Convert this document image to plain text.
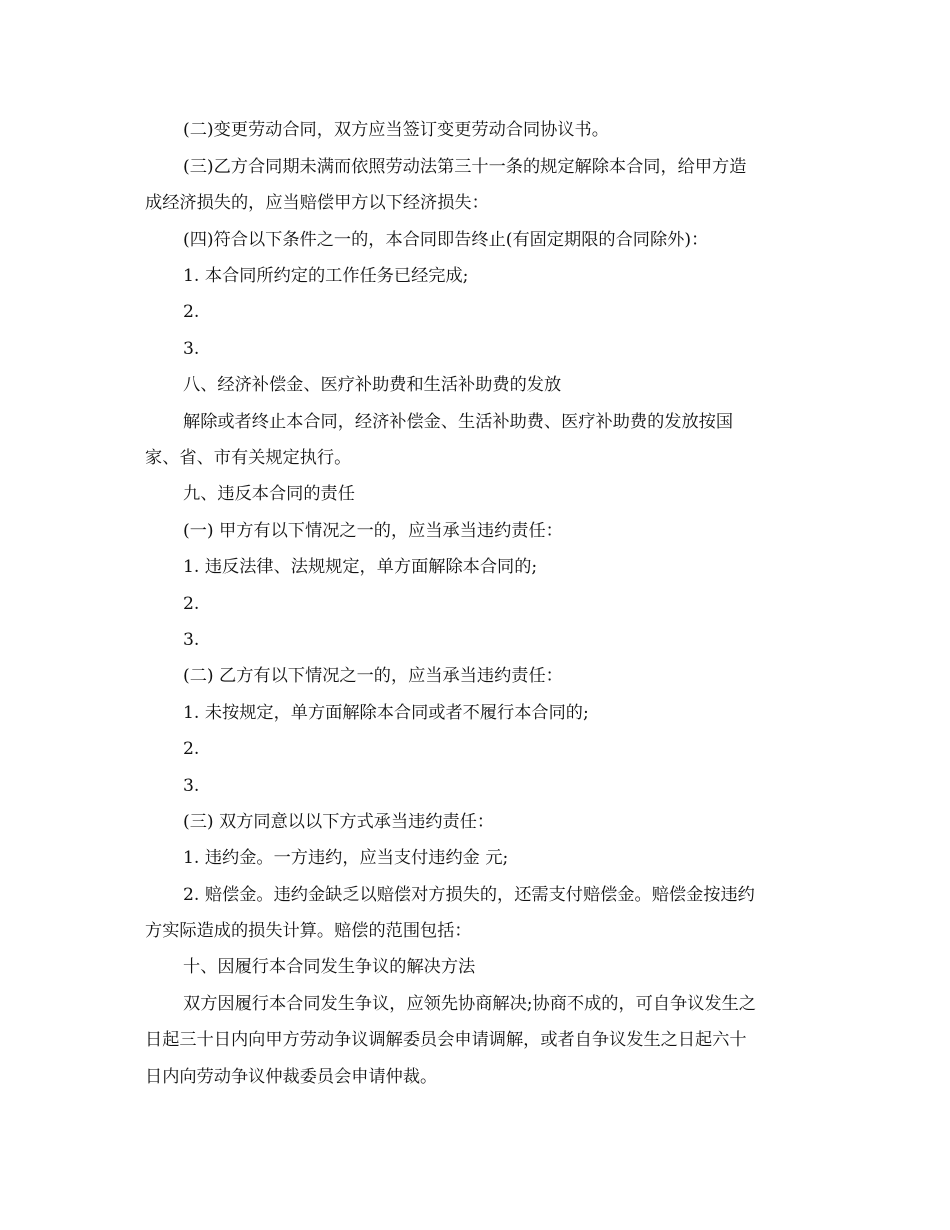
(二)变更劳动合同，双方应当签订变更劳动合同协议书。
(三)乙方合同期未满而依照劳动法第三十一条的规定解除本合同，给甲方造
成经济损失的，应当赔偿甲方以下经济损失：
(四)符合以下条件之一的，本合同即告终止(有固定期限的合同除外)：
1. 本合同所约定的工作任务已经完成;
2.
3.
八、经济补偿金、医疗补助费和生活补助费的发放
解除或者终止本合同，经济补偿金、生活补助费、医疗补助费的发放按国
家、省、市有关规定执行。
九、违反本合同的责任
(一) 甲方有以下情况之一的，应当承当违约责任：
1. 违反法律、法规规定，单方面解除本合同的;
2.
3.
(二) 乙方有以下情况之一的，应当承当违约责任：
1. 未按规定，单方面解除本合同或者不履行本合同的;
2.
3.
(三) 双方同意以以下方式承当违约责任：
1. 违约金。一方违约，应当支付违约金 元;
2. 赔偿金。违约金缺乏以赔偿对方损失的，还需支付赔偿金。赔偿金按违约
方实际造成的损失计算。赔偿的范围包括：
十、因履行本合同发生争议的解决方法
双方因履行本合同发生争议，应领先协商解决;协商不成的，可自争议发生之
日起三十日内向甲方劳动争议调解委员会申请调解，或者自争议发生之日起六十
日内向劳动争议仲裁委员会申请仲裁。
